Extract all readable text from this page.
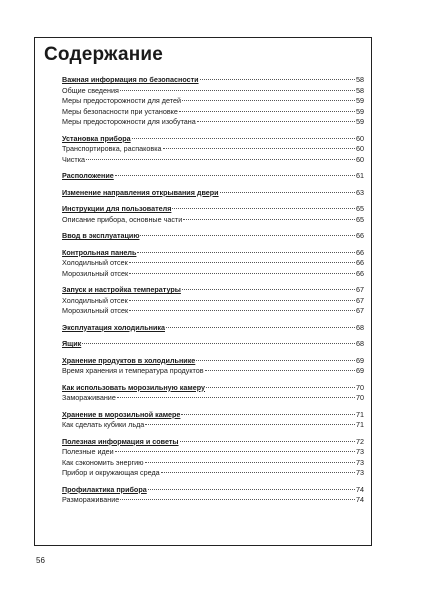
Содержание
Важная информация по безопасности	58
Общие сведения	58
Меры предосторожности для детей	59
Меры безопасности при установке	59
Меры предосторожности для изобутана	59
Установка прибора	60
Транспортировка, распаковка	60
Чистка	60
Расположение	61
Изменение направления открывания двери	63
Инструкции для пользователя	65
Описание прибора, основные части	65
Ввод в эксплуатацию	66
Контрольная панель	66
Холодильный отсек	66
Морозильный отсек	66
Запуск и настройка температуры	67
Холодильный отсек	67
Морозильный отсек	67
Эксплуатация холодильника	68
Ящик	68
Хранение продуктов в холодильнике	69
Время хранения и температура продуктов	69
Как использовать морозильную камеру	70
Замораживание	70
Хранение в морозильной камере	71
Как сделать кубики льда	71
Полезная информация и советы	72
Полезные идеи	73
Как сэкономить энергию	73
Прибор и окружающая среда	73
Профилактика прибора	74
Размораживание	74
56
